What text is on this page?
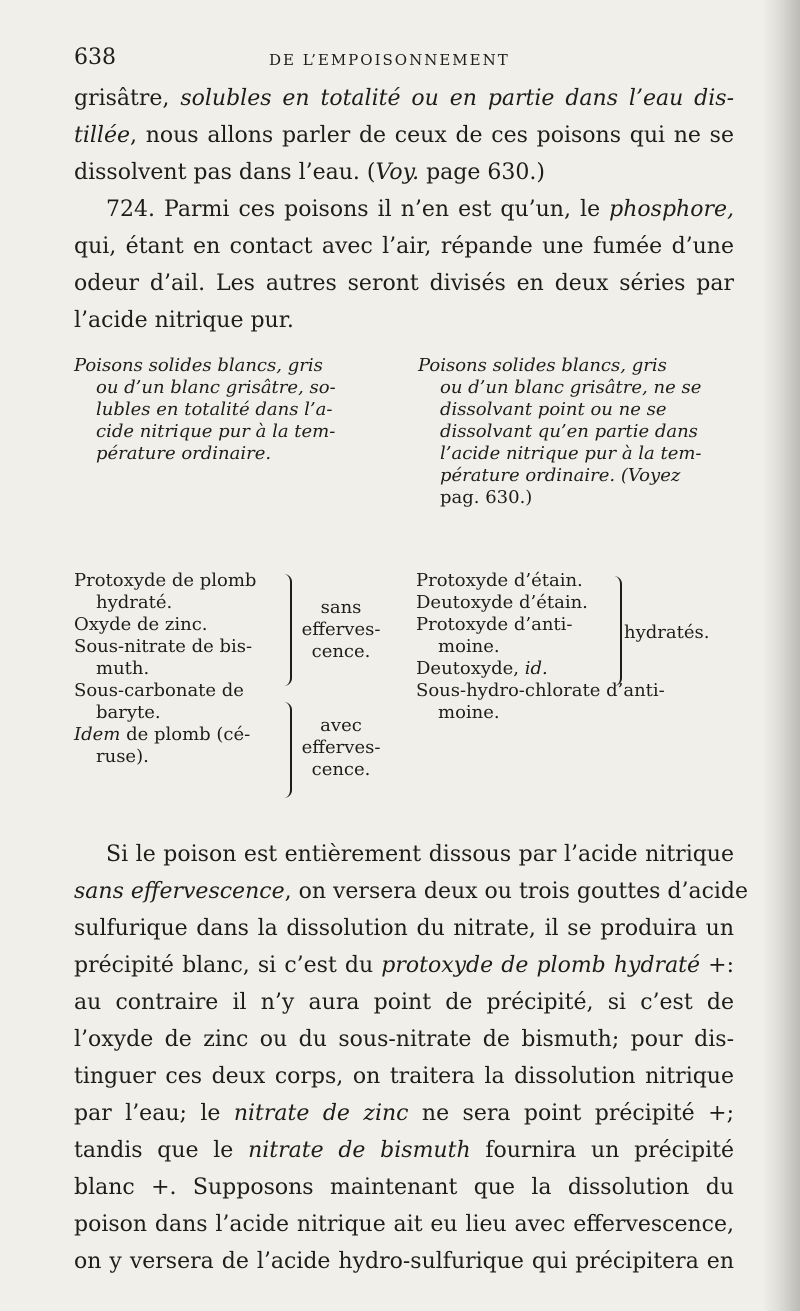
638	DE L’EMPOISONNEMENT

grisâtre, solubles en totalité ou en partie dans l’eau dis-
tillée, nous allons parler de ceux de ces poisons qui ne se
dissolvent pas dans l’eau. (Voy. page 630.)

724. Parmi ces poisons il n’en est qu’un, le phosphore,
qui, étant en contact avec l’air, répande une fumée d’une
odeur d’ail. Les autres seront divisés en deux séries par
l’acide nitrique pur.

Poisons solides blancs, gris
ou d’un blanc grisâtre, so-
lubles en totalité dans l’a-
cide nitrique pur à la tem-
pérature ordinaire.
Poisons solides blancs, gris
ou d’un blanc grisâtre, ne se
dissolvant point ou ne se
dissolvant qu’en partie dans
l’acide nitrique pur à la tem-
pérature ordinaire. (Voyez
pag. 630.)
Protoxyde de plomb
hydraté.
Oxyde de zinc.
Sous-nitrate de bis-
muth.
Sous-carbonate de
baryte.
Idem de plomb (cé-
ruse).
sans
efferves-
cence.
avec
efferves-
cence.
Protoxyde d’étain.
Deutoxyde d’étain.
Protoxyde d’anti-
moine.
Deutoxyde, id.
Sous-hydro-chlorate d’anti-
moine.
hydratés.

Si le poison est entièrement dissous par l’acide nitrique
sans effervescence, on versera deux ou trois gouttes d’acide
sulfurique dans la dissolution du nitrate, il se produira un
précipité blanc, si c’est du protoxyde de plomb hydraté +:
au contraire il n’y aura point de précipité, si c’est de
l’oxyde de zinc ou du sous-nitrate de bismuth; pour dis-
tinguer ces deux corps, on traitera la dissolution nitrique
par l’eau; le nitrate de zinc ne sera point précipité +;
tandis que le nitrate de bismuth fournira un précipité
blanc +. Supposons maintenant que la dissolution du
poison dans l’acide nitrique ait eu lieu avec effervescence,
on y versera de l’acide hydro-sulfurique qui précipitera en
